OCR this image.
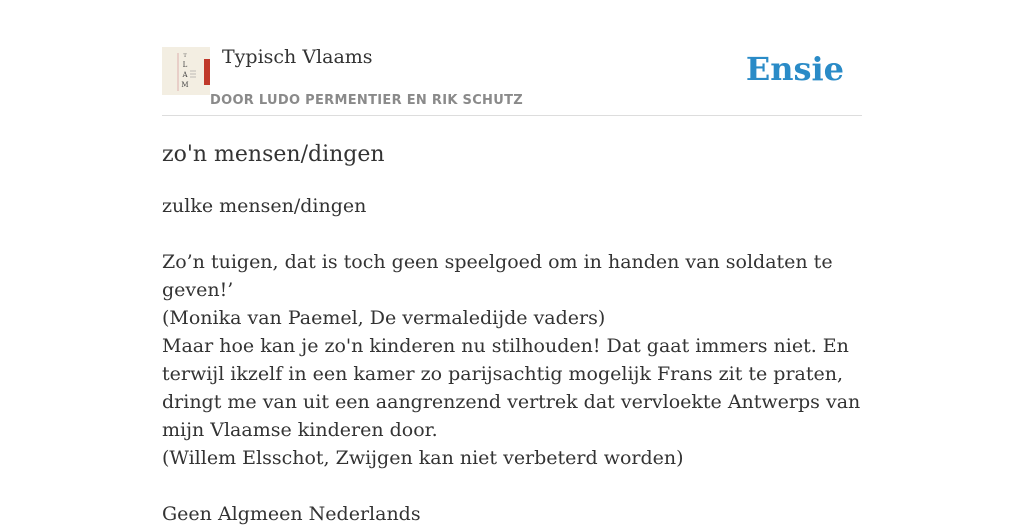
T
L
A
M
Typisch Vlaams
DOOR LUDO PERMENTIER EN RIK SCHUTZ
Ensie
zo'n mensen/dingen
zulke mensen/dingen
Zo’n tuigen, dat is toch geen speelgoed om in handen van soldaten te geven!’
(Monika van Paemel, De vermaledijde vaders)
Maar hoe kan je zo'n kinderen nu stilhouden! Dat gaat immers niet. En terwijl ikzelf in een kamer zo parijsachtig mogelijk Frans zit te praten, dringt me van uit een aangrenzend vertrek dat vervloekte Antwerps van mijn Vlaamse kinderen door.
(Willem Elsschot, Zwijgen kan niet verbeterd worden)
Geen Algmeen Nederlands
